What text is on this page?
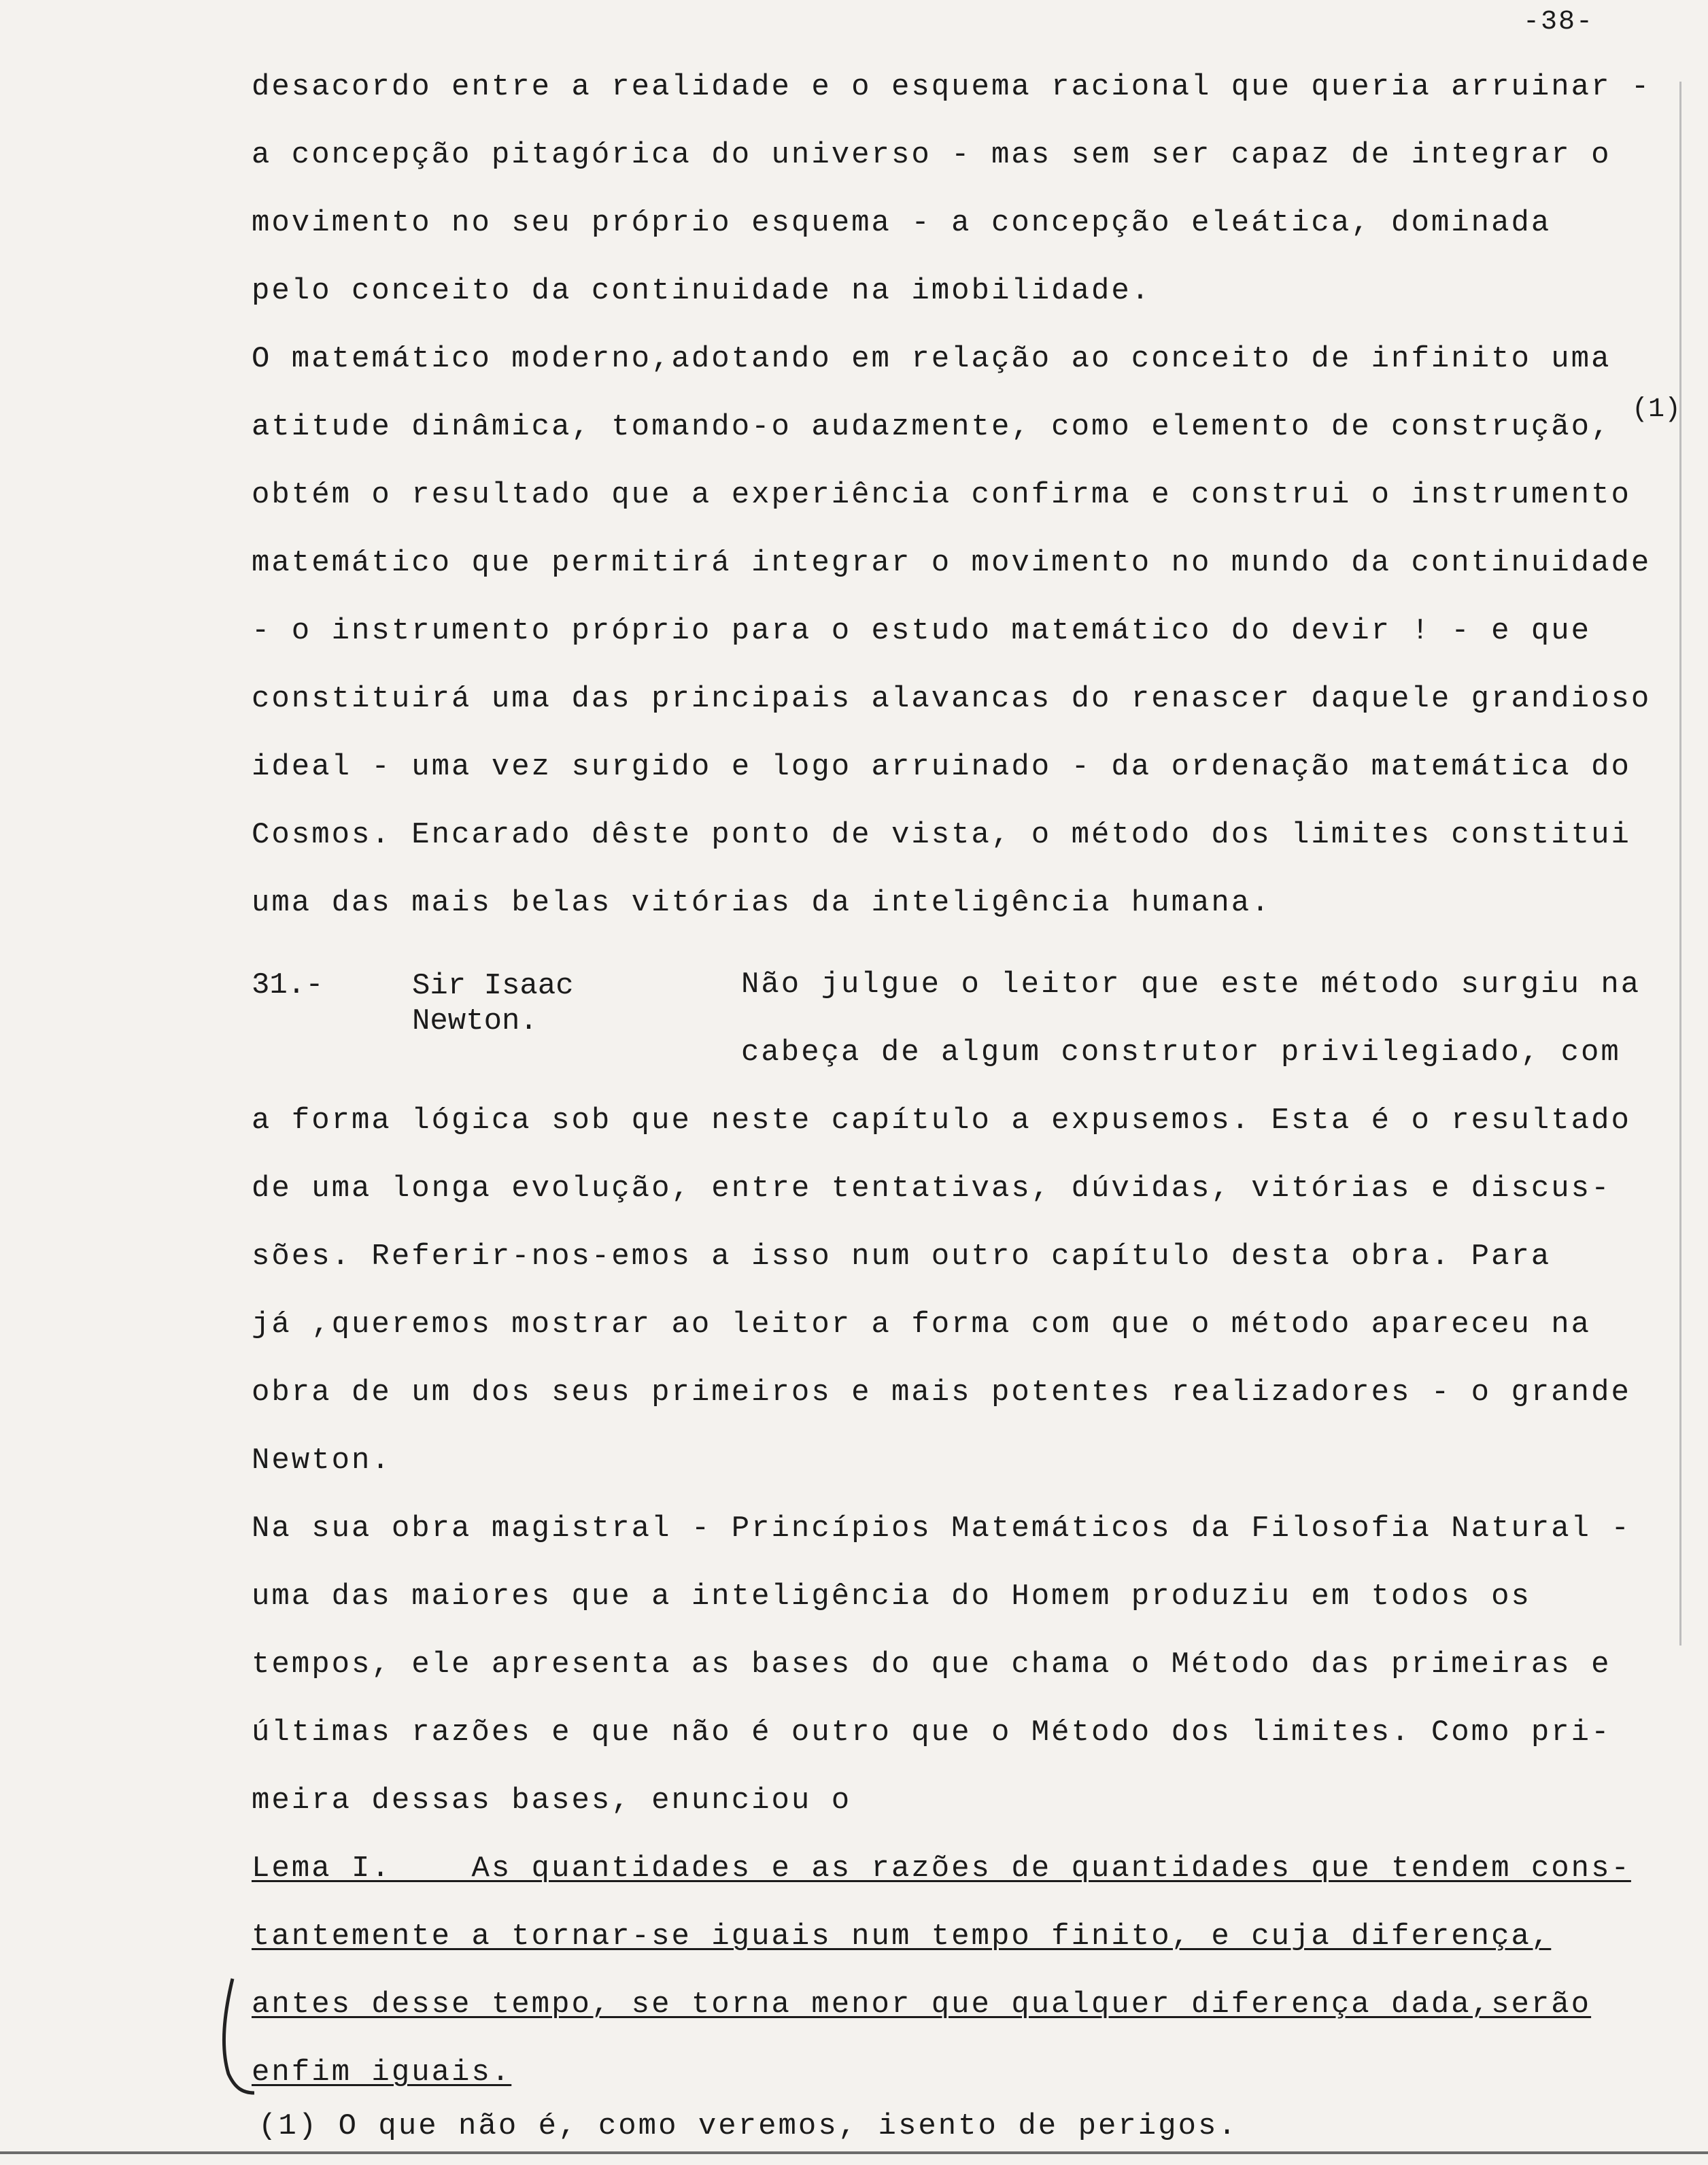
-38-
(1)
desacordo entre a realidade e o esquema racional que queria arruinar -
a concepção pitagórica do universo - mas sem ser capaz de integrar o
movimento no seu próprio esquema - a concepção eleática, dominada
pelo conceito da continuidade na imobilidade.
O matemático moderno,adotando em relação ao conceito de infinito uma
atitude dinâmica, tomando-o audazmente, como elemento de construção,
obtém o resultado que a experiência confirma e construi o instrumento
matemático que permitirá integrar o movimento no mundo da continuidade
- o instrumento próprio para o estudo matemático do devir ! - e que
constituirá uma das principais alavancas do renascer daquele grandioso
ideal - uma vez surgido e logo arruinado - da ordenação matemática do
Cosmos. Encarado dêste ponto de vista, o método dos limites constitui
uma das mais belas vitórias da inteligência humana.
31.-	Sir Isaac
Newton.
Não julgue o leitor que este método surgiu na
cabeça de algum construtor privilegiado, com
a forma lógica sob que neste capítulo a expusemos. Esta é o resultado
de uma longa evolução, entre tentativas, dúvidas, vitórias e discus-
sões. Referir-nos-emos a isso num outro capítulo desta obra. Para
já ,queremos mostrar ao leitor a forma com que o método apareceu na
obra de um dos seus primeiros e mais potentes realizadores - o grande
Newton.
Na sua obra magistral - Princípios Matemáticos da Filosofia Natural -
uma das maiores que a inteligência do Homem produziu em todos os
tempos, ele apresenta as bases do que chama o Método das primeiras e
últimas razões e que não é outro que o Método dos limites. Como pri-
meira dessas bases, enunciou o
Lema I.    As quantidades e as razões de quantidades que tendem cons-
tantemente a tornar-se iguais num tempo finito, e cuja diferença,
antes desse tempo, se torna menor que qualquer diferença dada,serão
enfim iguais.
(1) O que não é, como veremos, isento de perigos.
